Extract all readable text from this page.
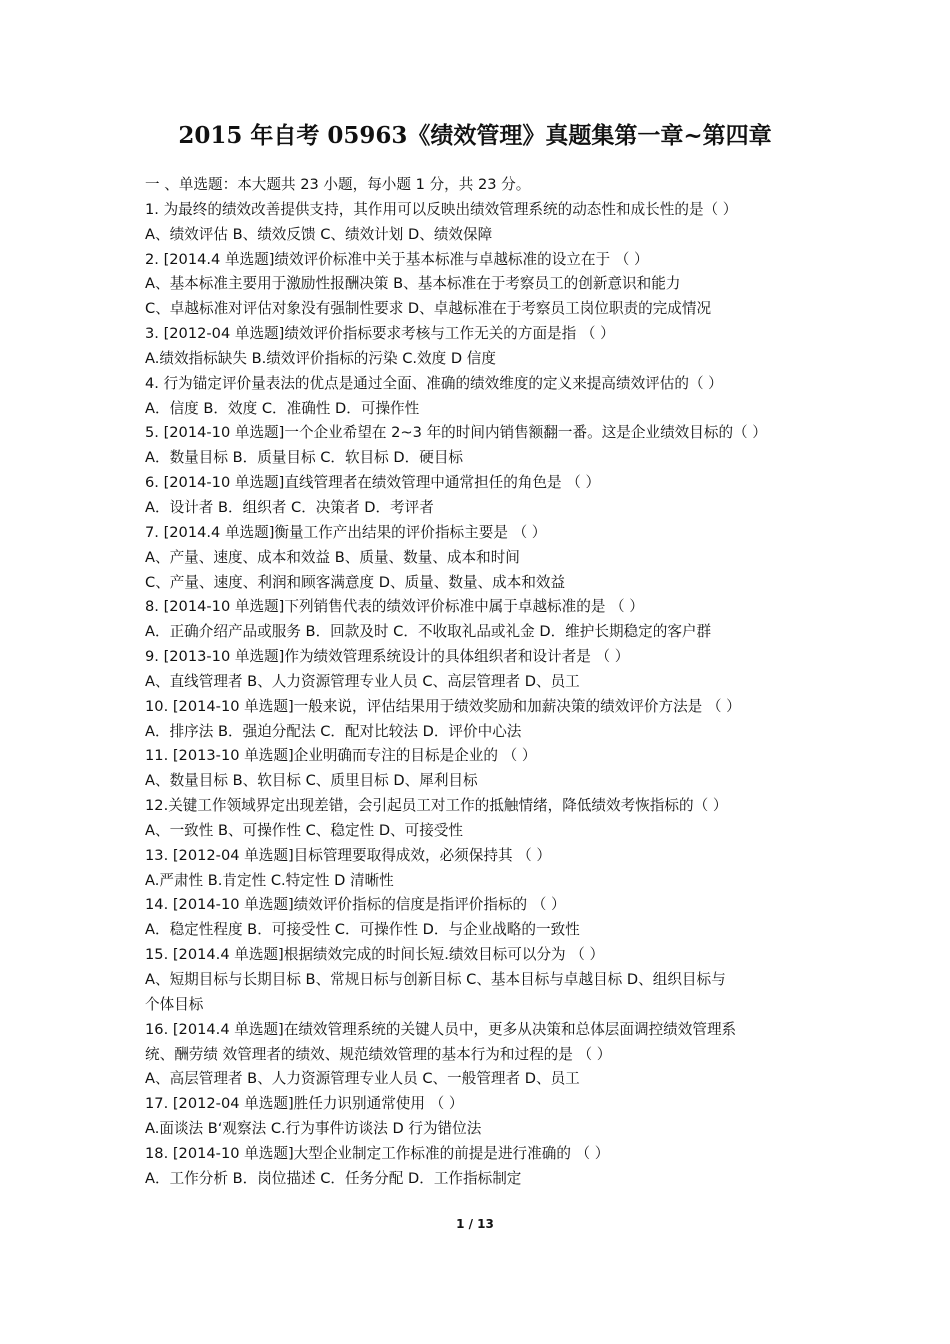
2015 年自考 05963《绩效管理》真题集第一章~第四章
一 、单选题：本大题共 23 小题，每小题 1 分，共 23 分。
1. 为最终的绩效改善提供支持，其作用可以反映出绩效管理系统的动态性和成长性的是（ ）
A、绩效评估 B、绩效反馈 C、绩效计划 D、绩效保障
2. [2014.4 单选题]绩效评价标准中关于基本标准与卓越标准的设立在于 （ ）
A、基本标准主要用于激励性报酬决策 B、基本标准在于考察员工的创新意识和能力
C、卓越标准对评估对象没有强制性要求 D、卓越标准在于考察员工岗位职责的完成情况
3. [2012-04 单选题]绩效评价指标要求考核与工作无关的方面是指 （ ）
A.绩效指标缺失 B.绩效评价指标的污染 C.效度 D 信度
4. 行为锚定评价量表法的优点是通过全面、准确的绩效维度的定义来提高绩效评估的（ ）
A．信度 B．效度 C．准确性 D．可操作性
5. [2014-10 单选题]一个企业希望在 2~3 年的时间内销售额翻一番。这是企业绩效目标的（ ）
A．数量目标 B．质量目标 C．软目标 D．硬目标
6. [2014-10 单选题]直线管理者在绩效管理中通常担任的角色是 （ ）
A．设计者 B．组织者 C．决策者 D．考评者
7. [2014.4 单选题]衡量工作产出结果的评价指标主要是 （ ）
A、产量、速度、成本和效益 B、质量、数量、成本和时间
C、产量、速度、利润和顾客满意度 D、质量、数量、成本和效益
8. [2014-10 单选题]下列销售代表的绩效评价标准中属于卓越标准的是 （ ）
A．正确介绍产品或服务 B．回款及时 C．不收取礼品或礼金 D．维护长期稳定的客户群
9. [2013-10 单选题]作为绩效管理系统设计的具体组织者和设计者是 （ ）
A、直线管理者 B、人力资源管理专业人员 C、高层管理者 D、员工
10. [2014-10 单选题]一般来说，评估结果用于绩效奖励和加薪决策的绩效评价方法是 （ ）
A．排序法 B．强迫分配法 C．配对比较法 D．评价中心法
11. [2013-10 单选题]企业明确而专注的目标是企业的 （ ）
A、数量目标 B、软目标 C、质里目标 D、犀利目标
12.关键工作领域界定出现差错，会引起员工对工作的抵触情绪，降低绩效考恢指标的（ ）
A、一致性 B、可操作性 C、稳定性 D、可接受性
13. [2012-04 单选题]目标管理要取得成效，必须保持其 （ ）
A.严肃性 B.肯定性 C.特定性 D 清晰性
14. [2014-10 单选题]绩效评价指标的信度是指评价指标的 （ ）
A．稳定性程度 B．可接受性 C．可操作性 D．与企业战略的一致性
15. [2014.4 单选题]根据绩效完成的时间长短.绩效目标可以分为 （ ）
A、短期目标与长期目标 B、常规日标与创新目标 C、基本目标与卓越目标 D、组织目标与
个体目标
16. [2014.4 单选题]在绩效管理系统的关键人员中，更多从决策和总体层面调控绩效管理系
统、酬劳绩 效管理者的绩效、规范绩效管理的基本行为和过程的是 （ ）
A、高层管理者 B、人力资源管理专业人员 C、一般管理者 D、员工
17. [2012-04 单选题]胜任力识别通常使用 （ ）
A.面谈法 B‘观察法 C.行为事件访谈法 D 行为错位法
18. [2014-10 单选题]大型企业制定工作标准的前提是进行准确的 （ ）
A．工作分析 B．岗位描述 C．任务分配 D．工作指标制定
1 / 13
